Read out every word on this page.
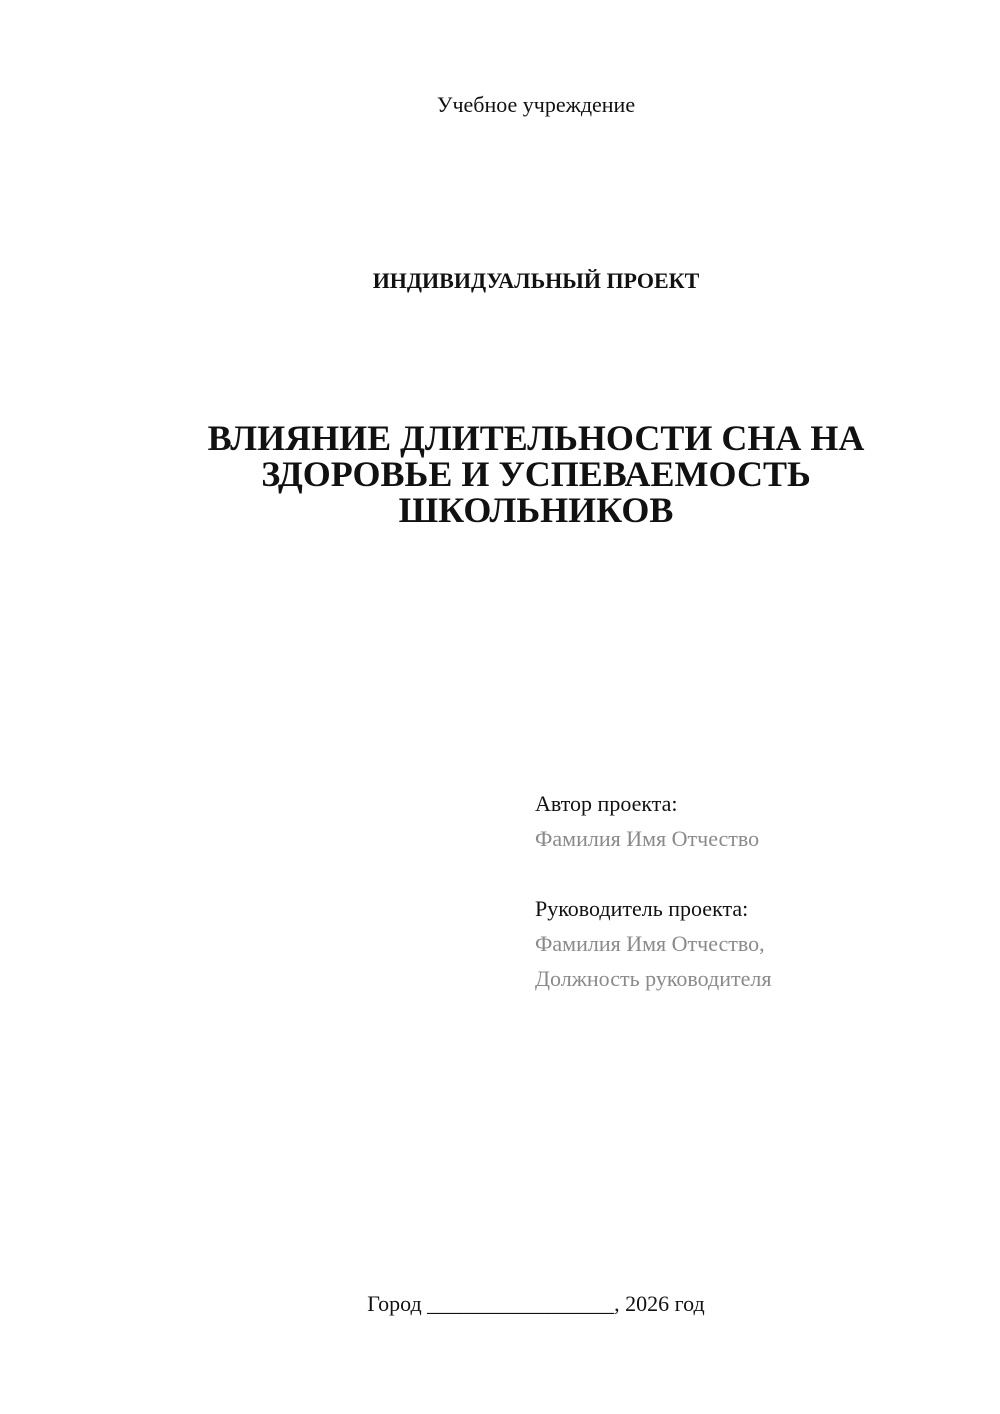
Учебное учреждение
ИНДИВИДУАЛЬНЫЙ ПРОЕКТ
ВЛИЯНИЕ ДЛИТЕЛЬНОСТИ СНА НА
ЗДОРОВЬЕ И УСПЕВАЕМОСТЬ
ШКОЛЬНИКОВ
Автор проекта:
Фамилия Имя Отчество
Руководитель проекта:
Фамилия Имя Отчество,
Должность руководителя
Город _________________, 2026 год
